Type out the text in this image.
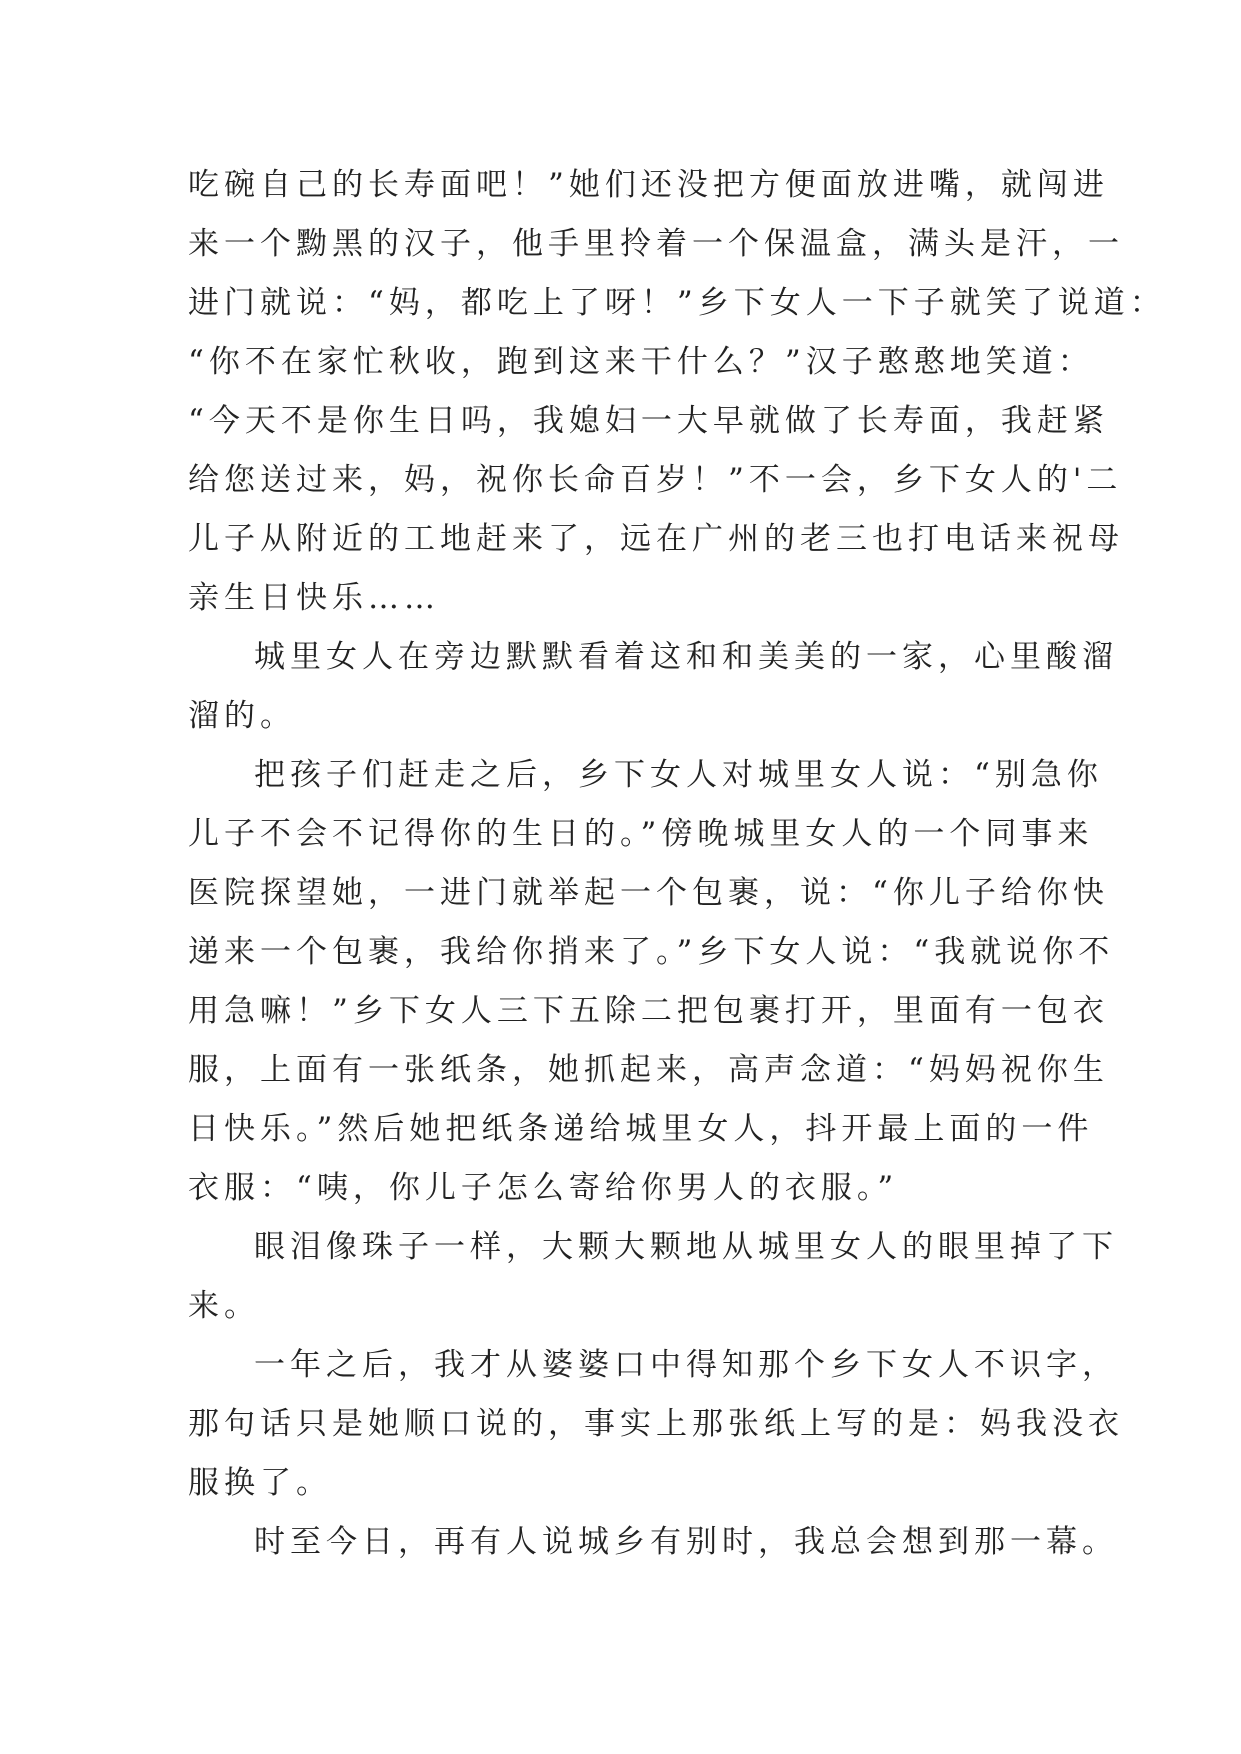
吃碗自己的长寿面吧！”她们还没把方便面放进嘴，就闯进
来一个黝黑的汉子，他手里拎着一个保温盒，满头是汗，一
进门就说：“妈，都吃上了呀！”乡下女人一下子就笑了说道：
“你不在家忙秋收，跑到这来干什么？”汉子憨憨地笑道：
“今天不是你生日吗，我媳妇一大早就做了长寿面，我赶紧
给您送过来，妈，祝你长命百岁！”不一会，乡下女人的'二
儿子从附近的工地赶来了，远在广州的老三也打电话来祝母
亲生日快乐……
城里女人在旁边默默看着这和和美美的一家，心里酸溜
溜的。
把孩子们赶走之后，乡下女人对城里女人说：“别急你
儿子不会不记得你的生日的。”傍晚城里女人的一个同事来
医院探望她，一进门就举起一个包裹，说：“你儿子给你快
递来一个包裹，我给你捎来了。”乡下女人说：“我就说你不
用急嘛！”乡下女人三下五除二把包裹打开，里面有一包衣
服，上面有一张纸条，她抓起来，高声念道：“妈妈祝你生
日快乐。”然后她把纸条递给城里女人，抖开最上面的一件
衣服：“咦，你儿子怎么寄给你男人的衣服。”
眼泪像珠子一样，大颗大颗地从城里女人的眼里掉了下
来。
一年之后，我才从婆婆口中得知那个乡下女人不识字，
那句话只是她顺口说的，事实上那张纸上写的是：妈我没衣
服换了。
时至今日，再有人说城乡有别时，我总会想到那一幕。
